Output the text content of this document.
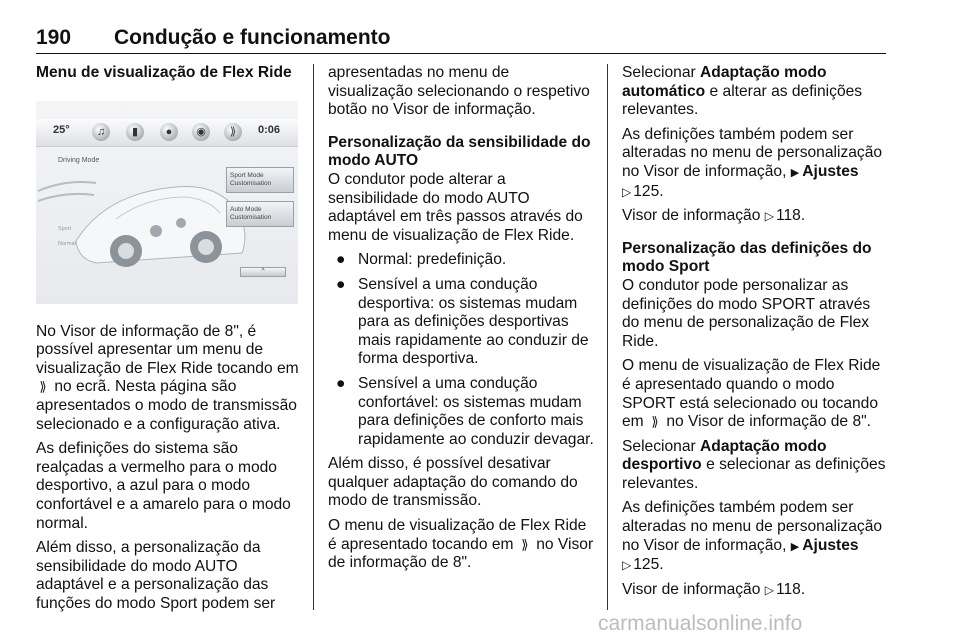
190 Condução e funcionamento
Menu de visualização de Flex Ride

No Visor de informação de 8", é possível apresentar um menu de visualização de Flex Ride tocando em ⟫ no ecrã. Nesta página são apresentados o modo de transmissão selecionado e a configuração ativa.

As definições do sistema são realçadas a vermelho para o modo desportivo, a azul para o modo confortável e a amarelo para o modo normal.

Além disso, a personalização da sensibilidade do modo AUTO adaptável e a personalização das funções do modo Sport podem ser

25°	♫	▮	●	◉	⟫	0:06
Driving Mode
Sport Mode Customisation
Auto Mode Customisation
Sport
Normal
^

apresentadas no menu de visualização selecionando o respetivo botão no Visor de informação.

Personalização da sensibilidade do modo AUTO

O condutor pode alterar a sensibilidade do modo AUTO adaptável em três passos através do menu de visualização de Flex Ride.

● Normal: predefinição.
● Sensível a uma condução desportiva: os sistemas mudam para as definições desportivas mais rapidamente ao conduzir de forma desportiva.
● Sensível a uma condução confortável: os sistemas mudam para definições de conforto mais rapidamente ao conduzir devagar.

Além disso, é possível desativar qualquer adaptação do comando do modo de transmissão.

O menu de visualização de Flex Ride é apresentado tocando em ⟫ no Visor de informação de 8".

Selecionar Adaptação modo automático e alterar as definições relevantes.

As definições também podem ser alteradas no menu de personalização no Visor de informação, ▶ Ajustes
▷ 125.

Visor de informação ▷ 118.

Personalização das definições do modo Sport

O condutor pode personalizar as definições do modo SPORT através do menu de personalização de Flex Ride.

O menu de visualização de Flex Ride é apresentado quando o modo SPORT está selecionado ou tocando em ⟫ no Visor de informação de 8".

Selecionar Adaptação modo desportivo e selecionar as definições relevantes.

As definições também podem ser alteradas no menu de personalização no Visor de informação, ▶ Ajustes
▷ 125.

Visor de informação ▷ 118.

carmanualsonline.info
